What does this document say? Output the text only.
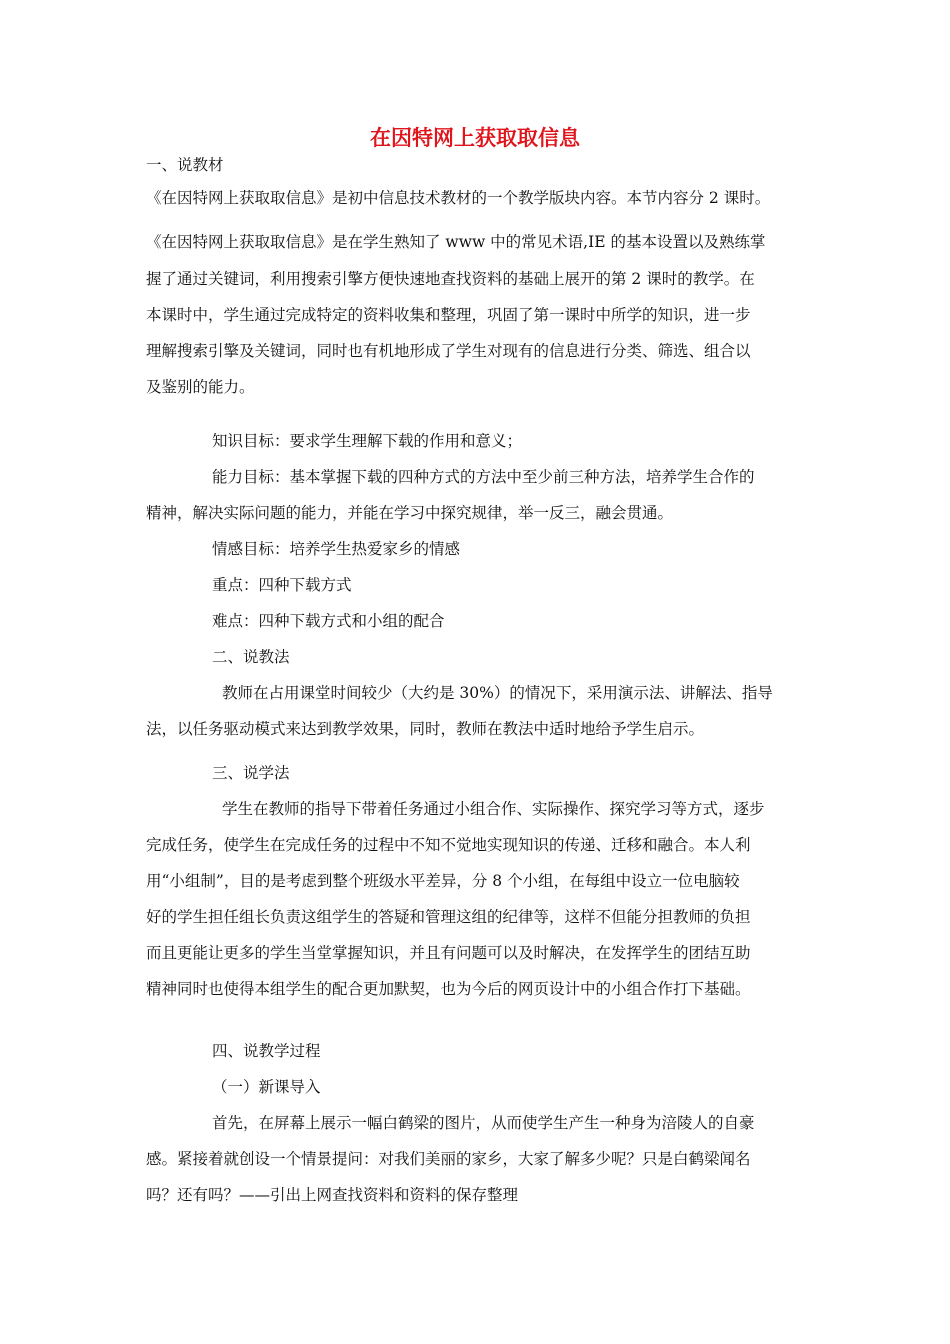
在因特网上获取取信息
一、说教材
《在因特网上获取取信息》是初中信息技术教材的一个教学版块内容。本节内容分 2 课时。
《在因特网上获取取信息》是在学生熟知了 www 中的常见术语,IE 的基本设置以及熟练掌
握了通过关键词，利用搜索引擎方便快速地查找资料的基础上展开的第 2 课时的教学。在
本课时中，学生通过完成特定的资料收集和整理，巩固了第一课时中所学的知识，进一步
理解搜索引擎及关键词，同时也有机地形成了学生对现有的信息进行分类、筛选、组合以
及鉴别的能力。
知识目标：要求学生理解下载的作用和意义；
能力目标：基本掌握下载的四种方式的方法中至少前三种方法，培养学生合作的
精神，解决实际问题的能力，并能在学习中探究规律，举一反三，融会贯通。
情感目标：培养学生热爱家乡的情感
重点：四种下载方式
难点：四种下载方式和小组的配合
二、说教法
教师在占用课堂时间较少（大约是 30%）的情况下，采用演示法、讲解法、指导
法，以任务驱动模式来达到教学效果，同时，教师在教法中适时地给予学生启示。
三、说学法
学生在教师的指导下带着任务通过小组合作、实际操作、探究学习等方式，逐步
完成任务，使学生在完成任务的过程中不知不觉地实现知识的传递、迁移和融合。本人利
用“小组制”，目的是考虑到整个班级水平差异，分 8 个小组，在每组中设立一位电脑较
好的学生担任组长负责这组学生的答疑和管理这组的纪律等，这样不但能分担教师的负担
而且更能让更多的学生当堂掌握知识，并且有问题可以及时解决，在发挥学生的团结互助
精神同时也使得本组学生的配合更加默契，也为今后的网页设计中的小组合作打下基础。
四、说教学过程
（一）新课导入
首先，在屏幕上展示一幅白鹤梁的图片，从而使学生产生一种身为涪陵人的自豪
感。紧接着就创设一个情景提问：对我们美丽的家乡，大家了解多少呢？只是白鹤梁闻名
吗？还有吗？——引出上网查找资料和资料的保存整理
